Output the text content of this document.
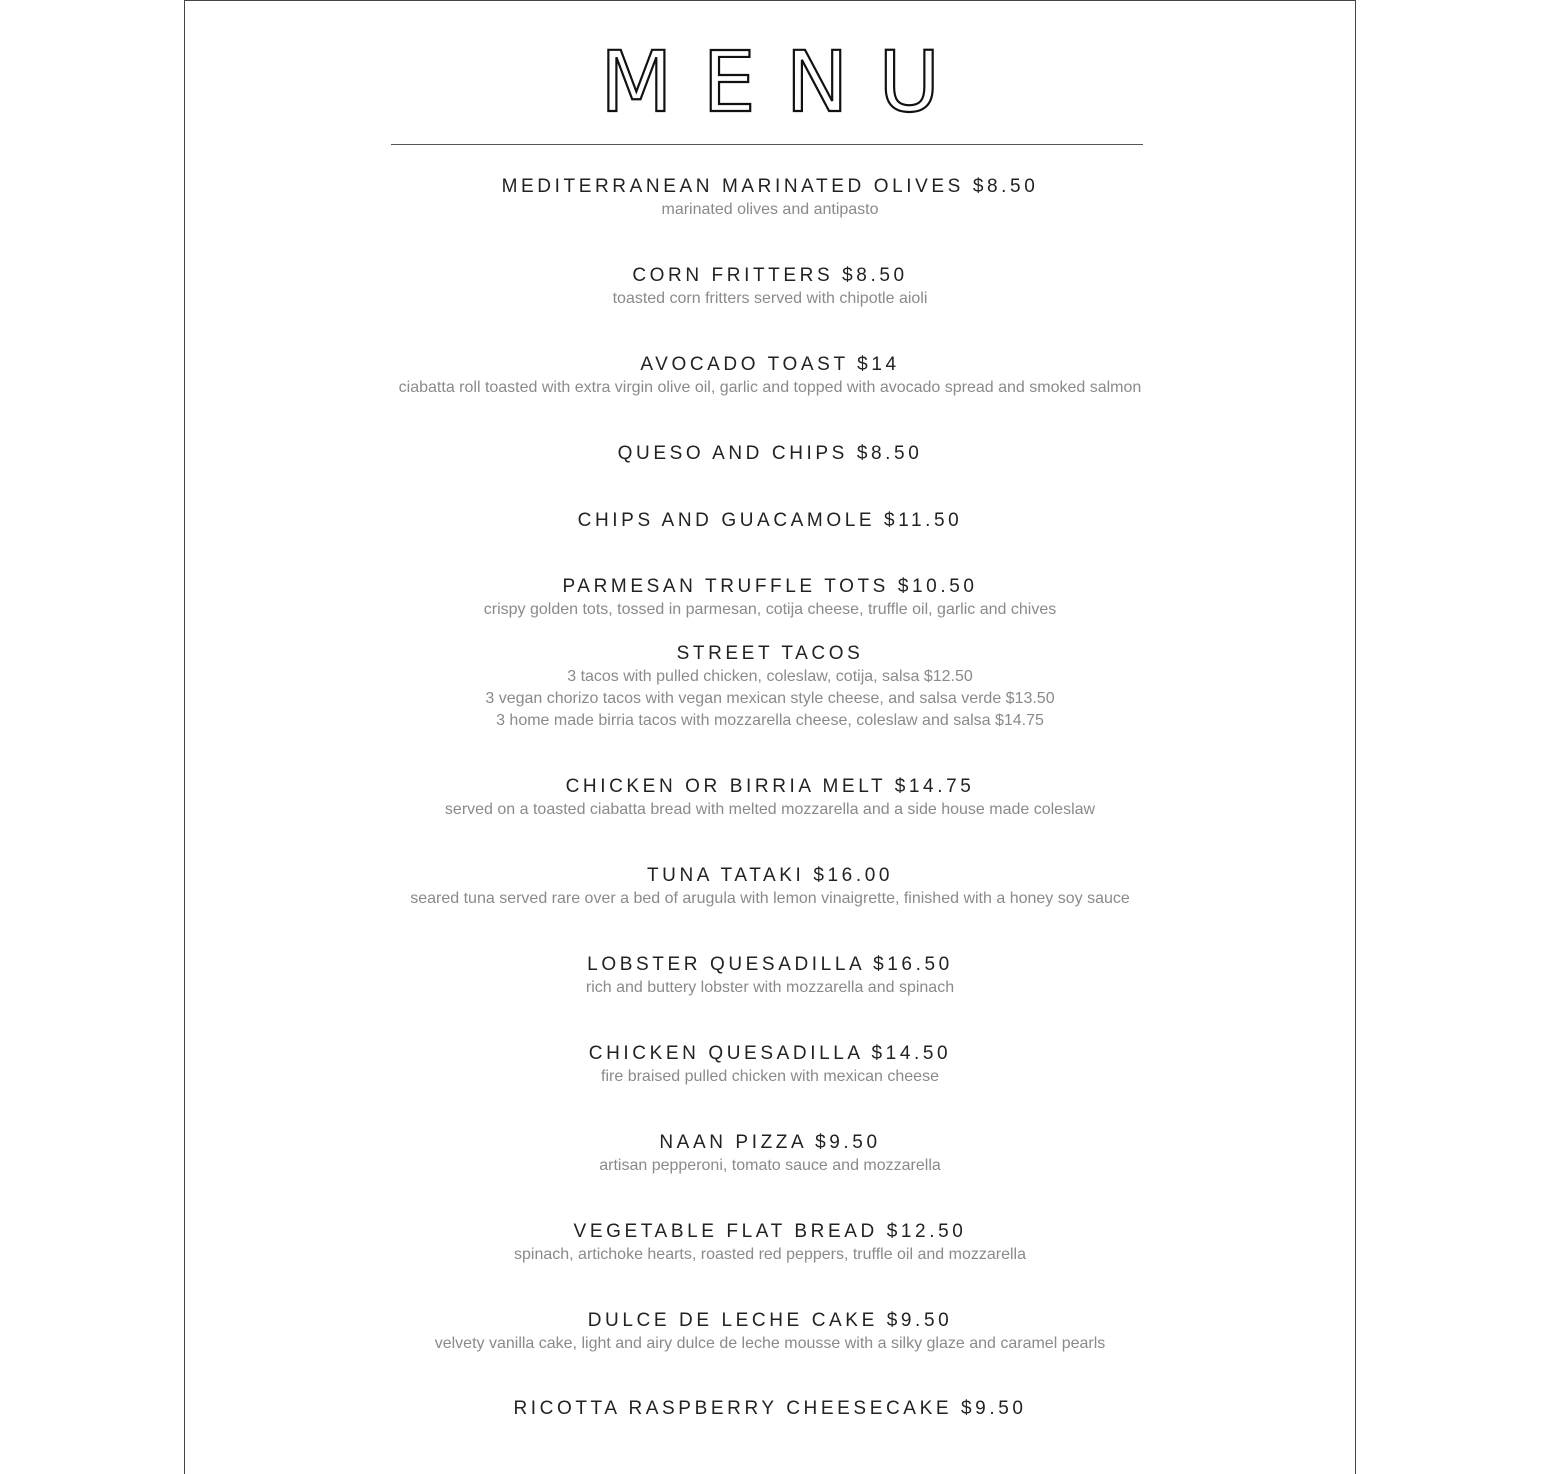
MENU
MEDITERRANEAN MARINATED OLIVES $8.50
marinated olives and antipasto
CORN FRITTERS $8.50
toasted corn fritters served with chipotle aioli
AVOCADO TOAST $14
ciabatta roll toasted with extra virgin olive oil, garlic and topped with avocado spread and smoked salmon
QUESO AND CHIPS $8.50
CHIPS AND GUACAMOLE $11.50
PARMESAN TRUFFLE TOTS $10.50
crispy golden tots, tossed in parmesan, cotija cheese, truffle oil, garlic and chives
STREET TACOS
3 tacos with pulled chicken, coleslaw, cotija, salsa $12.50
3 vegan chorizo tacos with vegan mexican style cheese, and salsa verde $13.50
3 home made birria tacos with mozzarella cheese, coleslaw and salsa $14.75
CHICKEN OR BIRRIA MELT $14.75
served on a toasted ciabatta bread with melted mozzarella and a side house made coleslaw
TUNA TATAKI $16.00
seared tuna served rare over a bed of arugula with lemon vinaigrette, finished with a honey soy sauce
LOBSTER QUESADILLA $16.50
rich and buttery lobster with mozzarella and spinach
CHICKEN QUESADILLA $14.50
fire braised pulled chicken with mexican cheese
NAAN PIZZA $9.50
artisan pepperoni, tomato sauce and mozzarella
VEGETABLE FLAT BREAD $12.50
spinach, artichoke hearts, roasted red peppers, truffle oil and mozzarella
DULCE DE LECHE CAKE $9.50
velvety vanilla cake, light and airy dulce de leche mousse with a silky glaze and caramel pearls
RICOTTA RASPBERRY CHEESECAKE $9.50
